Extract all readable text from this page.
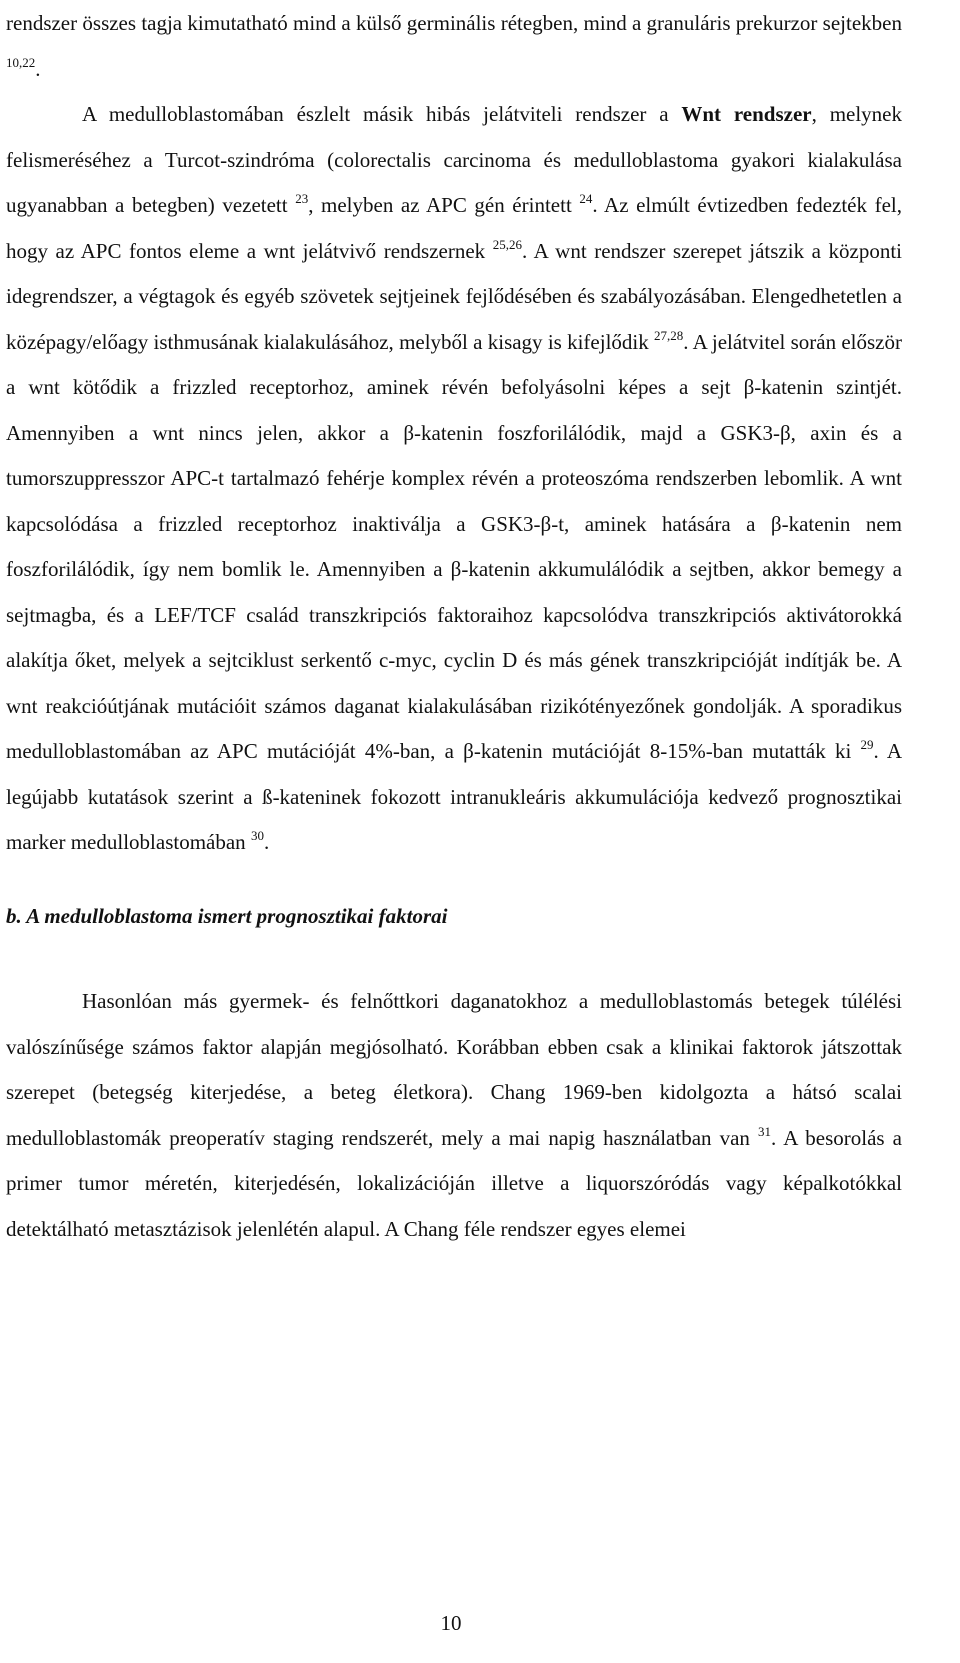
rendszer összes tagja kimutatható mind a külső germinális rétegben, mind a granuláris prekurzor sejtekben $^{10,22}$.

A medulloblastomában észlelt másik hibás jelátviteli rendszer a Wnt rendszer, melynek felismeréséhez a Turcot-szindróma (colorectalis carcinoma és medulloblastoma gyakori kialakulása ugyanabban a betegben) vezetett $^{23}$, melyben az APC gén érintett $^{24}$. Az elmúlt évtizedben fedezték fel, hogy az APC fontos eleme a wnt jelátvivő rendszernek $^{25,26}$. A wnt rendszer szerepet játszik a központi idegrendszer, a végtagok és egyéb szövetek sejtjeinek fejlődésében és szabályozásában. Elengedhetetlen a középagy/előagy isthmusának kialakulásához, melyből a kisagy is kifejlődik $^{27,28}$. A jelátvitel során először a wnt kötődik a frizzled receptorhoz, aminek révén befolyásolni képes a sejt β-katenin szintjét. Amennyiben a wnt nincs jelen, akkor a β-katenin foszforilálódik, majd a GSK3-β, axin és a tumorszuppresszor APC-t tartalmazó fehérje komplex révén a proteoszóma rendszerben lebomlik. A wnt kapcsolódása a frizzled receptorhoz inaktiválja a GSK3-β-t, aminek hatására a β-katenin nem foszforilálódik, így nem bomlik le. Amennyiben a β-katenin akkumulálódik a sejtben, akkor bemegy a sejtmagba, és a LEF/TCF család transzkripciós faktoraihoz kapcsolódva transzkripciós aktivátorokká alakítja őket, melyek a sejtciklust serkentő c-myc, cyclin D és más gének transzkripcióját indítják be. A wnt reakcióútjának mutációit számos daganat kialakulásában rizikótényezőnek gondolják. A sporadikus medulloblastomában az APC mutációját 4%-ban, a β-katenin mutációját 8-15%-ban mutatták ki $^{29}$. A legújabb kutatások szerint a ß-kateninek fokozott intranukleáris akkumulációja kedvező prognosztikai marker medulloblastomában $^{30}$.

b. A medulloblastoma ismert prognosztikai faktorai

Hasonlóan más gyermek- és felnőttkori daganatokhoz a medulloblastomás betegek túlélési valószínűsége számos faktor alapján megjósolható. Korábban ebben csak a klinikai faktorok játszottak szerepet (betegség kiterjedése, a beteg életkora). Chang 1969-ben kidolgozta a hátsó scalai medulloblastomák preoperatív staging rendszerét, mely a mai napig használatban van $^{31}$. A besorolás a primer tumor méretén, kiterjedésén, lokalizációján illetve a liquorszóródás vagy képalkotókkal detektálható metasztázisok jelenlétén alapul. A Chang féle rendszer egyes elemei

10
